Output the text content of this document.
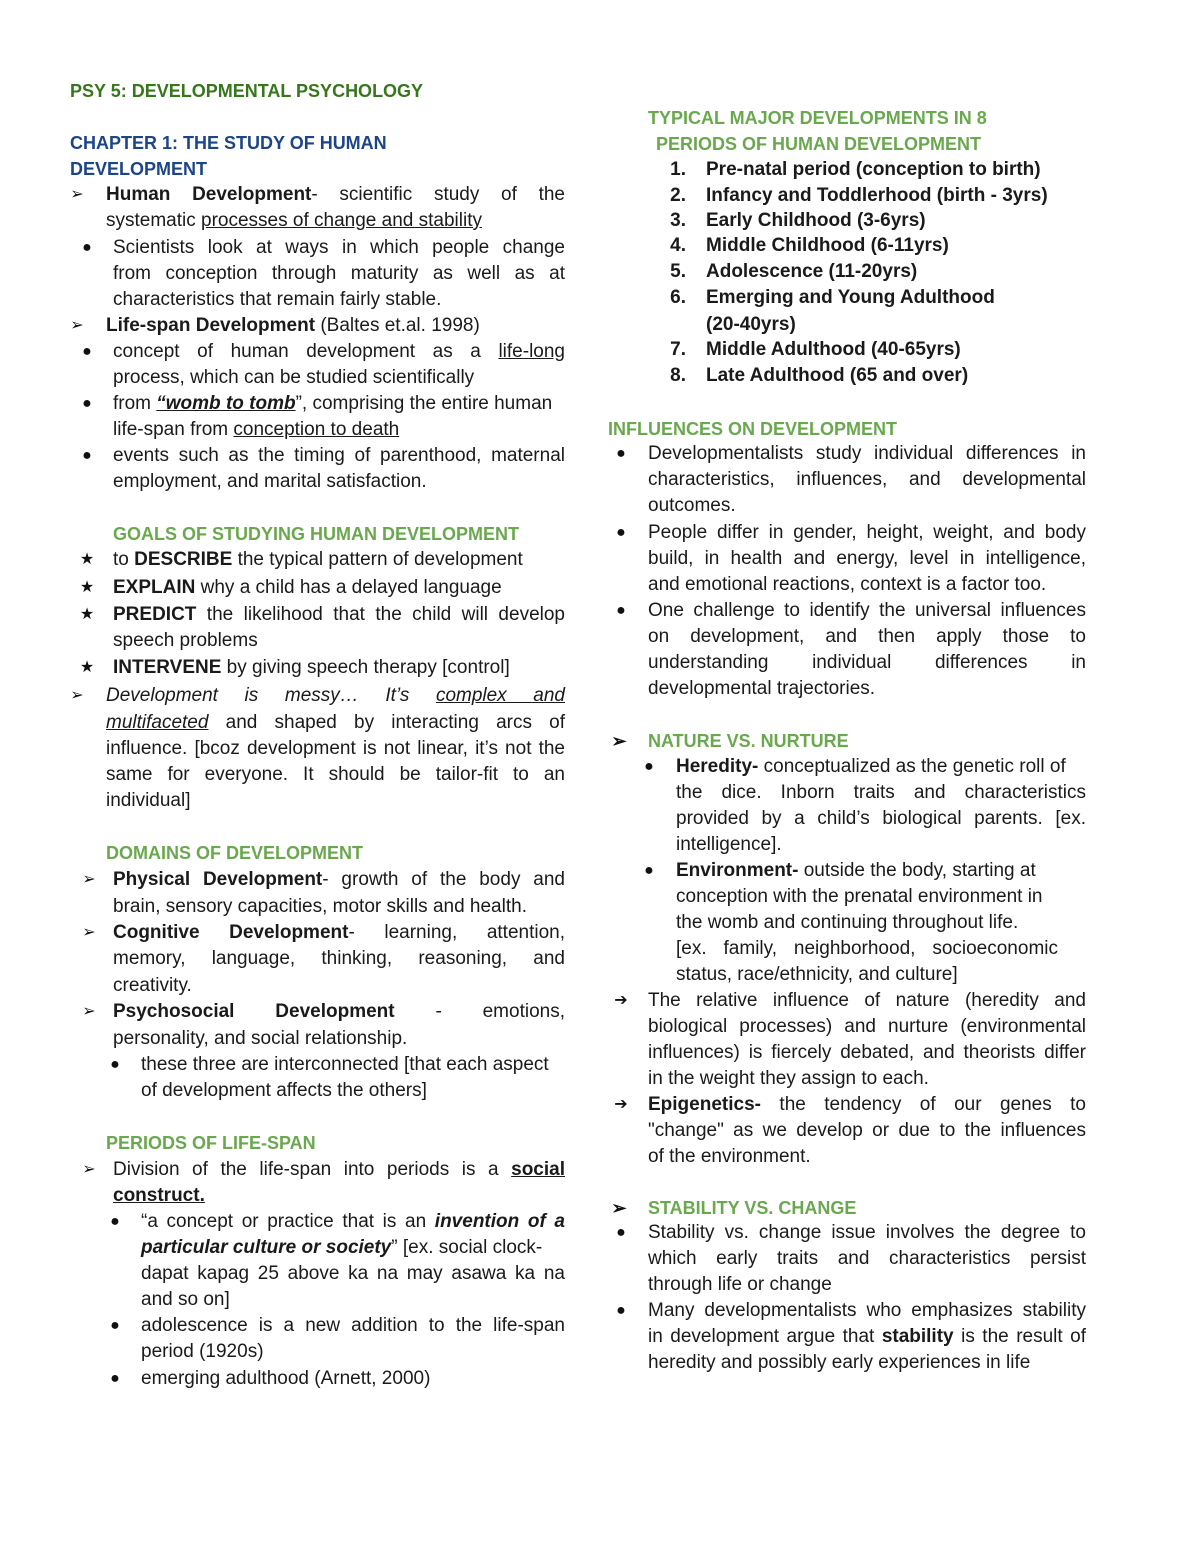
PSY 5: DEVELOPMENTAL PSYCHOLOGY
CHAPTER 1: THE STUDY OF HUMAN
DEVELOPMENT
➢ Human Development- scientific study of the
systematic processes of change and stability
●	Scientists look at ways in which people change
from conception through maturity as well as at
characteristics that remain fairly stable.
➢ Life-span Development (Baltes et.al. 1998)
●	concept of human development as a life-long
process, which can be studied scientifically
●	from “womb to tomb”, comprising the entire human
life-span from conception to death
●	events such as the timing of parenthood, maternal
employment, and marital satisfaction.
GOALS OF STUDYING HUMAN DEVELOPMENT
★ to DESCRIBE the typical pattern of development
★ EXPLAIN why a child has a delayed language
★ PREDICT the likelihood that the child will develop
speech problems
★ INTERVENE by giving speech therapy [control]
➢ Development is messy… It’s complex and
multifaceted and shaped by interacting arcs of
influence. [bcoz development is not linear, it’s not the
same for everyone. It should be tailor-fit to an
individual]
DOMAINS OF DEVELOPMENT
➢ Physical Development- growth of the body and
brain, sensory capacities, motor skills and health.
➢ Cognitive Development- learning, attention,
memory, language, thinking, reasoning, and
creativity.
➢ Psychosocial Development - emotions,
personality, and social relationship.
●	these three are interconnected [that each aspect
of development affects the others]
PERIODS OF LIFE-SPAN
➢ Division of the life-span into periods is a social
construct.
●	“a concept or practice that is an invention of a
particular culture or society” [ex. social clock-
dapat kapag 25 above ka na may asawa ka na
and so on]
●	adolescence is a new addition to the life-span
period (1920s)
●	emerging adulthood (Arnett, 2000)
TYPICAL MAJOR DEVELOPMENTS IN 8
PERIODS OF HUMAN DEVELOPMENT
1. Pre-natal period (conception to birth)
2. Infancy and Toddlerhood (birth - 3yrs)
3. Early Childhood (3-6yrs)
4. Middle Childhood (6-11yrs)
5. Adolescence (11-20yrs)
6. Emerging and Young Adulthood
(20-40yrs)
7. Middle Adulthood (40-65yrs)
8. Late Adulthood (65 and over)
INFLUENCES ON DEVELOPMENT
●	Developmentalists study individual differences in
characteristics, influences, and developmental
outcomes.
●	People differ in gender, height, weight, and body
build, in health and energy, level in intelligence,
and emotional reactions, context is a factor too.
●	One challenge to identify the universal influences
on development, and then apply those to
understanding individual differences in
developmental trajectories.
➢ NATURE VS. NURTURE
●	Heredity- conceptualized as the genetic roll of
the dice. Inborn traits and characteristics
provided by a child’s biological parents. [ex.
intelligence].
●	Environment- outside the body, starting at
conception with the prenatal environment in
the womb and continuing throughout life.
[ex. family, neighborhood, socioeconomic
status, race/ethnicity, and culture]
➔ The relative influence of nature (heredity and
biological processes) and nurture (environmental
influences) is fiercely debated, and theorists differ
in the weight they assign to each.
➔ Epigenetics- the tendency of our genes to
"change" as we develop or due to the influences
of the environment.
➢ STABILITY VS. CHANGE
●	Stability vs. change issue involves the degree to
which early traits and characteristics persist
through life or change
●	Many developmentalists who emphasizes stability
in development argue that stability is the result of
heredity and possibly early experiences in life
